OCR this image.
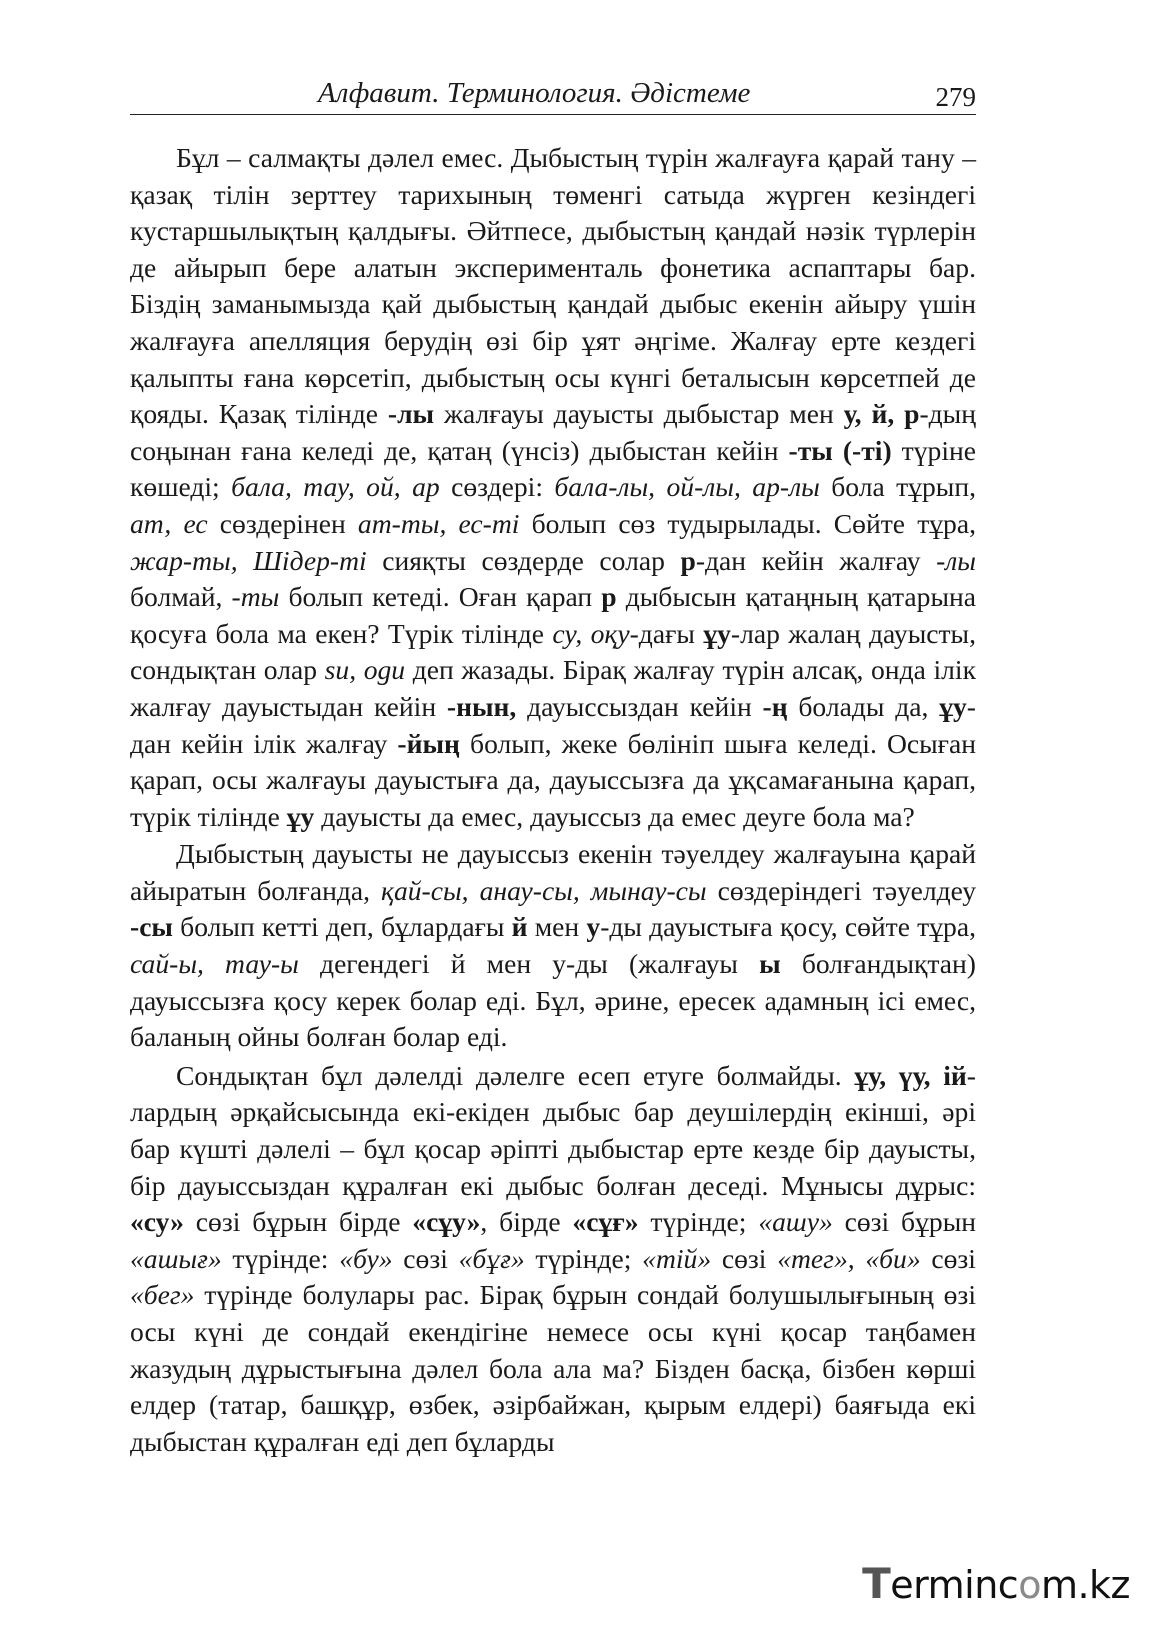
Алфавит. Терминология. Әдістеме	279

Бұл – салмақты дәлел емес. Дыбыстың түрін жалғауға қарай тану – қазақ тілін зерттеу тарихының төменгі сатыда жүрген кезіндегі кустаршылықтың қалдығы. Әйтпесе, дыбыстың қандай нәзік түрлерін де айырып бере алатын эксперименталь фонетика аспаптары бар. Біздің заманымызда қай дыбыстың қандай дыбыс екенін айыру үшін жалғауға апелляция берудің өзі бір ұят әңгіме. Жалғау ерте кездегі қалыпты ғана көрсетіп, дыбыстың осы күнгі беталысын көрсетпей де қояды. Қазақ тілінде -лы жалғауы дауысты дыбыстар мен у, й, р-дың соңынан ғана келеді де, қатаң (үнсіз) дыбыстан кейін -ты (-ті) түріне көшеді; бала, тау, ой, ар сөздері: бала-лы, ой-лы, ар-лы бола тұрып, ат, ес сөздерінен ат-ты, ес-ті болып сөз тудырылады. Сөйте тұра, жар-ты, Шідер-ті сияқты сөздерде солар р-дан кейін жалғау -лы болмай, -ты болып кетеді. Оған қарап р дыбысын қатаңның қатарына қосуға бола ма екен? Түрік тілінде су, оқу-дағы ұу-лар жалаң дауысты, сондықтан олар su, ogu деп жазады. Бірақ жалғау түрін алсақ, онда ілік жалғау дауыстыдан кейін -нын, дауыссыздан кейін -ң болады да, ұу-дан кейін ілік жалғау -йың болып, жеке бөлініп шыға келеді. Осыған қарап, осы жалғауы дауыстыға да, дауыссызға да ұқсамағанына қарап, түрік тілінде ұу дауысты да емес, дауыссыз да емес деуге бола ма?

Дыбыстың дауысты не дауыссыз екенін тәуелдеу жалғауына қарай айыратын болғанда, қай-сы, анау-сы, мынау-сы сөздеріндегі тәуелдеу -сы болып кетті деп, бұлардағы й мен у-ды дауыстыға қосу, сөйте тұра, сай-ы, тау-ы дегендегі й мен у-ды (жалғауы ы болғандықтан) дауыссызға қосу керек болар еді. Бұл, әрине, ересек адамның ісі емес, баланың ойны болған болар еді.

Сондықтан бұл дәлелді дәлелге есеп етуге болмайды. ұу, үу, ій-лардың әрқайсысында екі-екіден дыбыс бар деушілердің екінші, әрі бар күшті дәлелі – бұл қосар әріпті дыбыстар ерте кезде бір дауысты, бір дауыссыздан құралған екі дыбыс болған деседі. Мұнысы дұрыс: «су» сөзі бұрын бірде «сұу», бірде «сұғ» түрінде; «ашу» сөзі бұрын «ашығ» түрінде: «бу» сөзі «бұғ» түрінде; «тій» сөзі «тег», «би» сөзі «бег» түрінде болулары рас. Бірақ бұрын сондай болушылығының өзі осы күні де сондай екендігіне немесе осы күні қосар таңбамен жазудың дұрыстығына дәлел бола ала ма? Бізден басқа, бізбен көрші елдер (татар, башқұр, өзбек, әзірбайжан, қырым елдері) баяғыда екі дыбыстан құралған еді деп бұларды

Termincom.kz
